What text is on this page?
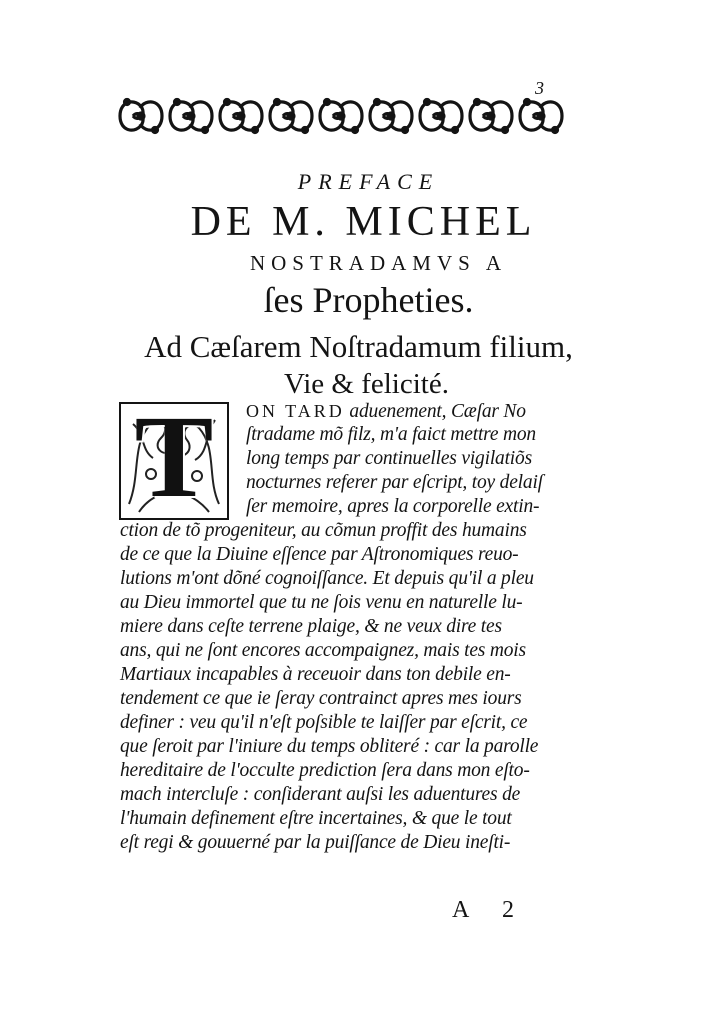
3
PREFACE
DE M. MICHEL
NOSTRADAMVS A
ſes Propheties.
Ad Cæſarem Noſtradamum filium,
Vie & felicité.
T	ON TARD aduenement, Cæſar No
ſtradame mõ filz, m'a faict mettre mon
long temps par continuelles vigilatiõs
nocturnes referer par eſcript, toy delaiſ
ſer memoire, apres la corporelle extin-
ction de tõ progeniteur, au cõmun proffit des humains
de ce que la Diuine eſſence par Aſtronomiques reuo-
lutions m'ont dõné cognoiſſance. Et depuis qu'il a pleu
au Dieu immortel que tu ne ſois venu en naturelle lu-
miere dans ceſte terrene plaige, & ne veux dire tes
ans, qui ne ſont encores accompaignez, mais tes mois
Martiaux incapables à receuoir dans ton debile en-
tendement ce que ie ſeray contrainct apres mes iours
definer : veu qu'il n'eſt poſsible te laiſſer par eſcrit, ce
que ſeroit par l'iniure du temps obliteré : car la parolle
hereditaire de l'occulte prediction ſera dans mon eſto-
mach intercluſe : conſiderant auſsi les aduentures de
l'humain definement eſtre incertaines, & que le tout
eſt regi & gouuerné par la puiſſance de Dieu ineſti-
A 2
